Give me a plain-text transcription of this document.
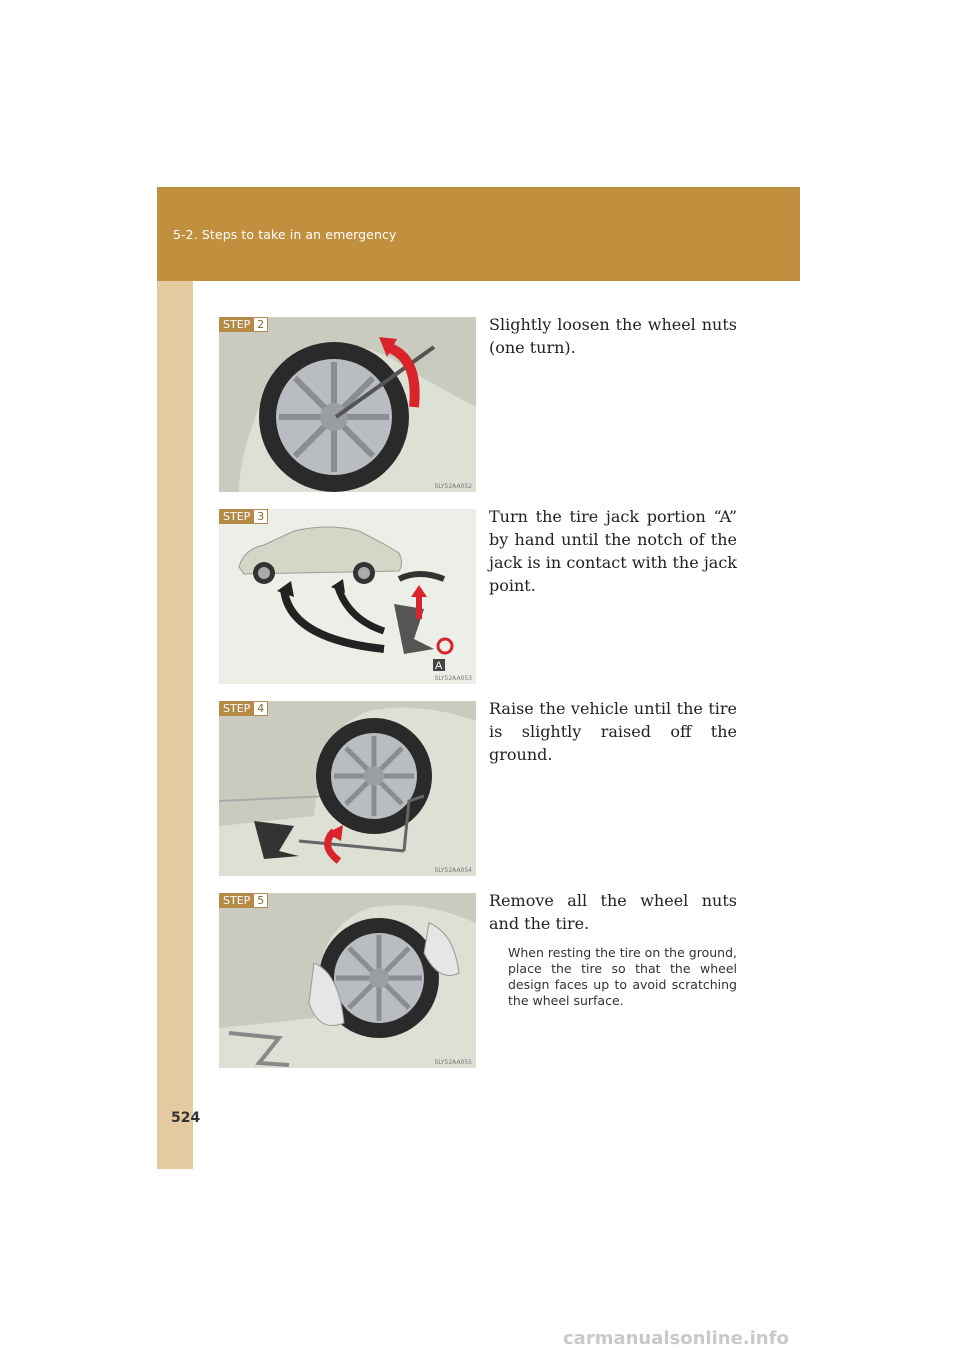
5-2. Steps to take in an emergency
STEP 2
SLY52AA052
Slightly loosen the wheel nuts (one turn).
A
STEP 3
SLY52AA053
Turn the tire jack portion “A” by hand until the notch of the jack is in contact with the jack point.
STEP 4
SLY52AA054
Raise the vehicle until the tire is slightly raised off the ground.
STEP 5
SLY52AA055
Remove all the wheel nuts and the tire.
When resting the tire on the ground, place the tire so that the wheel design faces up to avoid scratching the wheel surface.
524
carmanualsonline.info
